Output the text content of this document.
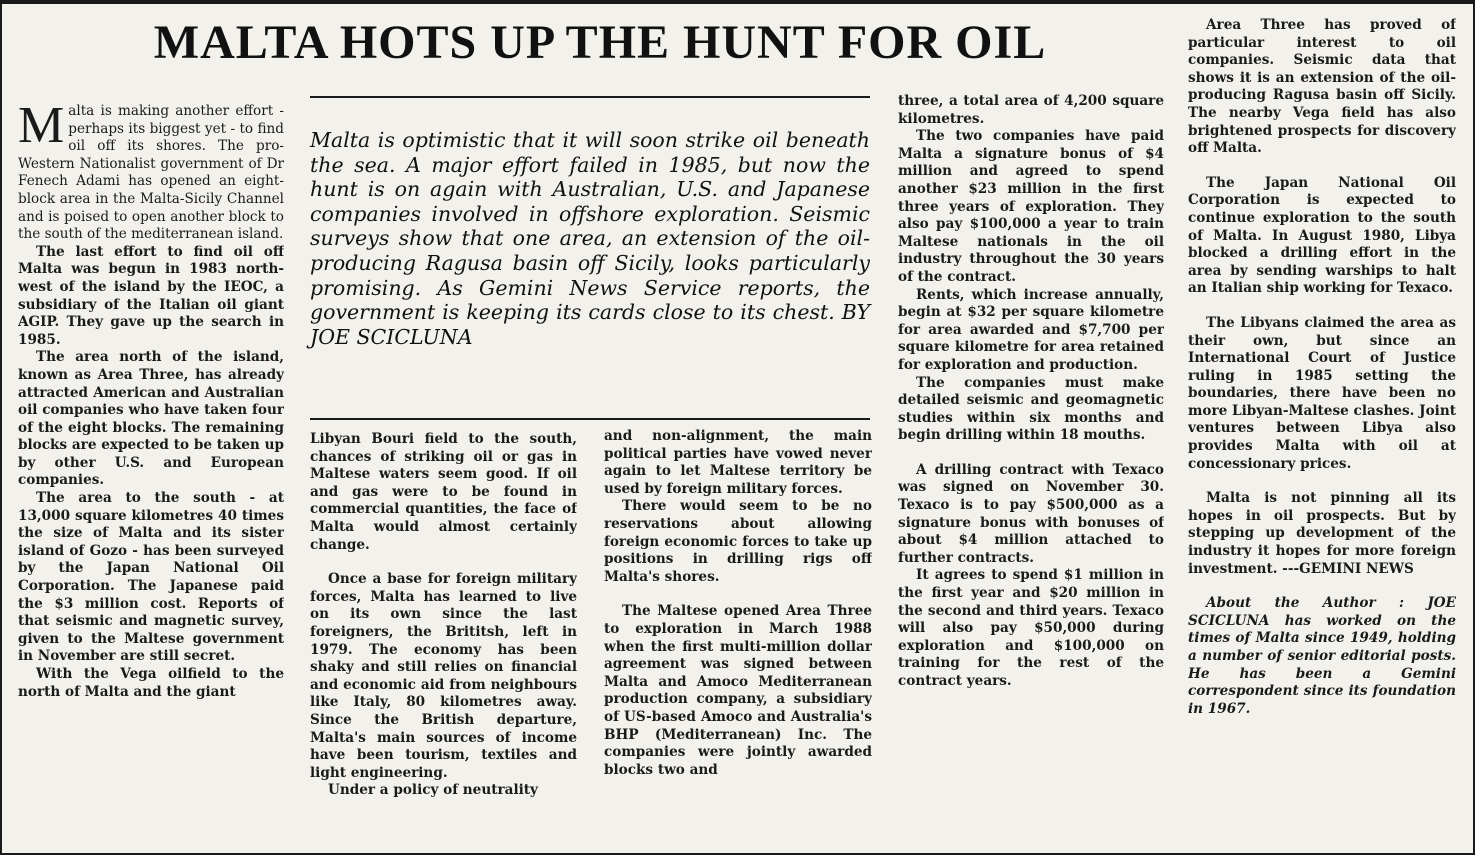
MALTA HOTS UP THE HUNT FOR OIL

Malta is making another effort - perhaps its biggest yet - to find oil off its shores. The pro-Western Nationalist government of Dr Fenech Adami has opened an eight-block area in the Malta-Sicily Channel and is poised to open another block to the south of the mediterranean island.

The last effort to find oil off Malta was begun in 1983 north-west of the island by the IEOC, a subsidiary of the Italian oil giant AGIP. They gave up the search in 1985.

The area north of the island, known as Area Three, has already attracted American and Australian oil companies who have taken four of the eight blocks. The remaining blocks are expected to be taken up by other U.S. and European companies.

The area to the south - at 13,000 square kilometres 40 times the size of Malta and its sister island of Gozo - has been surveyed by the Japan National Oil Corporation. The Japanese paid the $3 million cost. Reports of that seismic and magnetic survey, given to the Maltese government in November are still secret.

With the Vega oilfield to the north of Malta and the giant

Malta is optimistic that it will soon strike oil beneath the sea. A major effort failed in 1985, but now the hunt is on again with Australian, U.S. and Japanese companies involved in offshore exploration. Seismic surveys show that one area, an extension of the oil-producing Ragusa basin off Sicily, looks particularly promising. As Gemini News Service reports, the government is keeping its cards close to its chest. BY JOE SCICLUNA

Libyan Bouri field to the south, chances of striking oil or gas in Maltese waters seem good. If oil and gas were to be found in commercial quantities, the face of Malta would almost certainly change.

Once a base for foreign military forces, Malta has learned to live on its own since the last foreigners, the Brititsh, left in 1979. The economy has been shaky and still relies on financial and economic aid from neighbours like Italy, 80 kilometres away. Since the British departure, Malta's main sources of income have been tourism, textiles and light engineering.

Under a policy of neutrality

and non-alignment, the main political parties have vowed never again to let Maltese territory be used by foreign military forces.

There would seem to be no reservations about allowing foreign economic forces to take up positions in drilling rigs off Malta's shores.

The Maltese opened Area Three to exploration in March 1988 when the first multi-million dollar agreement was signed between Malta and Amoco Mediterranean production company, a subsidiary of US-based Amoco and Australia's BHP (Mediterranean) Inc. The companies were jointly awarded blocks two and

three, a total area of 4,200 square kilometres.

The two companies have paid Malta a signature bonus of $4 million and agreed to spend another $23 million in the first three years of exploration. They also pay $100,000 a year to train Maltese nationals in the oil industry throughout the 30 years of the contract.

Rents, which increase annually, begin at $32 per square kilometre for area awarded and $7,700 per square kilometre for area retained for exploration and production.

The companies must make detailed seismic and geomagnetic studies within six months and begin drilling within 18 mouths.

A drilling contract with Texaco was signed on November 30. Texaco is to pay $500,000 as a signature bonus with bonuses of about $4 million attached to further contracts.

It agrees to spend $1 million in the first year and $20 million in the second and third years. Texaco will also pay $50,000 during exploration and $100,000 on training for the rest of the contract years.

Area Three has proved of particular interest to oil companies. Seismic data that shows it is an extension of the oil-producing Ragusa basin off Sicily. The nearby Vega field has also brightened prospects for discovery off Malta.

The Japan National Oil Corporation is expected to continue exploration to the south of Malta. In August 1980, Libya blocked a drilling effort in the area by sending warships to halt an Italian ship working for Texaco.

The Libyans claimed the area as their own, but since an International Court of Justice ruling in 1985 setting the boundaries, there have been no more Libyan-Maltese clashes. Joint ventures between Libya also provides Malta with oil at concessionary prices.

Malta is not pinning all its hopes in oil prospects. But by stepping up development of the industry it hopes for more foreign investment. ---GEMINI NEWS

About the Author : JOE SCICLUNA has worked on the times of Malta since 1949, holding a number of senior editorial posts. He has been a Gemini correspondent since its foundation in 1967.
